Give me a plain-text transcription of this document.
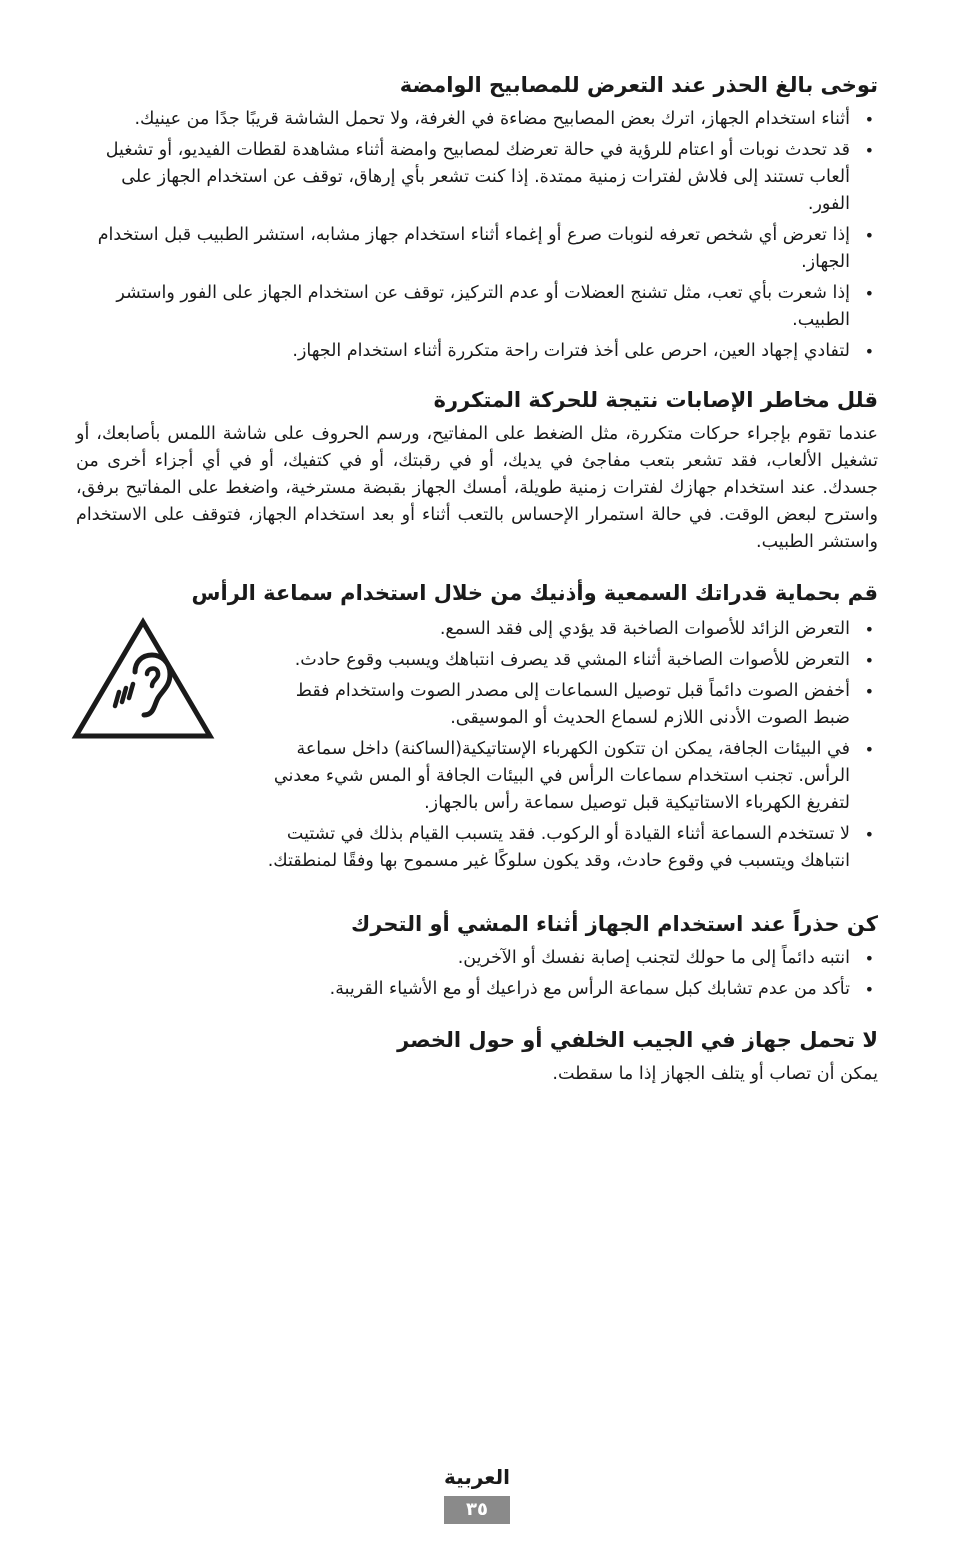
توخى بالغ الحذر عند التعرض للمصابيح الوامضة
• أثناء استخدام الجهاز، اترك بعض المصابيح مضاءة في الغرفة، ولا تحمل الشاشة قريبًا جدًا من عينيك.
• قد تحدث نوبات أو اعتام للرؤية في حالة تعرضك لمصابيح وامضة أثناء مشاهدة لقطات الفيديو، أو تشغيل ألعاب تستند إلى فلاش لفترات زمنية ممتدة. إذا كنت تشعر بأي إرهاق، توقف عن استخدام الجهاز على الفور.
• إذا تعرض أي شخص تعرفه لنوبات صرع أو إغماء أثناء استخدام جهاز مشابه، استشر الطبيب قبل استخدام الجهاز.
• إذا شعرت بأي تعب، مثل تشنج العضلات أو عدم التركيز، توقف عن استخدام الجهاز على الفور واستشر الطبيب.
• لتفادي إجهاد العين، احرص على أخذ فترات راحة متكررة أثناء استخدام الجهاز.
قلل مخاطر الإصابات نتيجة للحركة المتكررة

عندما تقوم بإجراء حركات متكررة، مثل الضغط على المفاتيح، ورسم الحروف على شاشة اللمس بأصابعك، أو تشغيل الألعاب، فقد تشعر بتعب مفاجئ في يديك، أو في رقبتك، أو في كتفيك، أو في أي أجزاء أخرى من جسدك. عند استخدام جهازك لفترات زمنية طويلة، أمسك الجهاز بقبضة مسترخية، واضغط على المفاتيح برفق، واسترح لبعض الوقت. في حالة استمرار الإحساس بالتعب أثناء أو بعد استخدام الجهاز، فتوقف على الاستخدام واستشر الطبيب.

قم بحماية قدراتك السمعية وأذنيك من خلال استخدام سماعة الرأس
• التعرض الزائد للأصوات الصاخبة قد يؤدي إلى فقد السمع.
• التعرض للأصوات الصاخبة أثناء المشي قد يصرف انتباهك ويسبب وقوع حادث.
• أخفض الصوت دائماً قبل توصيل السماعات إلى مصدر الصوت واستخدام فقط ضبط الصوت الأدنى اللازم لسماع الحديث أو الموسيقى.
• في البيئات الجافة، يمكن ان تتكون الكهرباء الإستاتيكية(الساكنة) داخل سماعة الرأس. تجنب استخدام سماعات الرأس في البيئات الجافة أو المس شيء معدني لتفريغ الكهرباء الاستاتيكية قبل توصيل سماعة رأس بالجهاز.
• لا تستخدم السماعة أثناء القيادة أو الركوب. فقد يتسبب القيام بذلك في تشتيت انتباهك ويتسبب في وقوع حادث، وقد يكون سلوكًا غير مسموح بها وفقًا لمنطقتك.
كن حذراً عند استخدام الجهاز أثناء المشي أو التحرك
• انتبه دائماً إلى ما حولك لتجنب إصابة نفسك أو الآخرين.
• تأكد من عدم تشابك كبل سماعة الرأس مع ذراعيك أو مع الأشياء القريبة.
لا تحمل جهاز في الجيب الخلفي أو حول الخصر

يمكن أن تصاب أو يتلف الجهاز إذا ما سقطت.

العربية
٣٥
